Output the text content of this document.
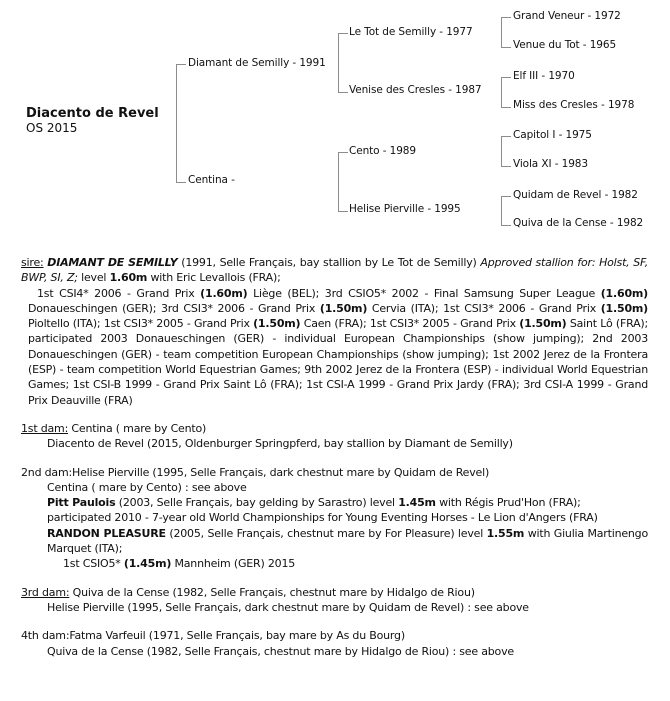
Diacento de Revel
OS 2015
Diamant de Semilly - 1991
Centina -
Le Tot de Semilly - 1977
Venise des Cresles - 1987
Cento - 1989
Helise Pierville - 1995
Grand Veneur - 1972
Venue du Tot - 1965
Elf III - 1970
Miss des Cresles - 1978
Capitol I - 1975
Viola XI - 1983
Quidam de Revel - 1982
Quiva de la Cense - 1982
sire: DIAMANT DE SEMILLY (1991, Selle Français, bay stallion by Le Tot de Semilly) Approved stallion for: Holst, SF, BWP, SI, Z; level 1.60m with Eric Levallois (FRA);
1st CSI4* 2006 - Grand Prix (1.60m) Liège (BEL); 3rd CSIO5* 2002 - Final Samsung Super League (1.60m) Donaueschingen (GER); 3rd CSI3* 2006 - Grand Prix (1.50m) Cervia (ITA); 1st CSI3* 2006 - Grand Prix (1.50m) Pioltello (ITA); 1st CSI3* 2005 - Grand Prix (1.50m) Caen (FRA); 1st CSI3* 2005 - Grand Prix (1.50m) Saint Lô (FRA); participated 2003 Donaueschingen (GER) - individual European Championships (show jumping); 2nd 2003 Donaueschingen (GER) - team competition European Championships (show jumping); 1st 2002 Jerez de la Frontera (ESP) - team competition World Equestrian Games; 9th 2002 Jerez de la Frontera (ESP) - individual World Equestrian Games; 1st CSI-B 1999 - Grand Prix Saint Lô (FRA); 1st CSI-A 1999 - Grand Prix Jardy (FRA); 3rd CSI-A 1999 - Grand Prix Deauville (FRA)
1st dam: Centina ( mare by Cento)
Diacento de Revel (2015, Oldenburger Springpferd, bay stallion by Diamant de Semilly)
2nd dam:Helise Pierville (1995, Selle Français, dark chestnut mare by Quidam de Revel)
Centina ( mare by Cento) : see above
Pitt Paulois (2003, Selle Français, bay gelding by Sarastro) level 1.45m with Régis Prud'Hon (FRA);
participated 2010 - 7-year old World Championships for Young Eventing Horses - Le Lion d'Angers (FRA)
RANDON PLEASURE (2005, Selle Français, chestnut mare by For Pleasure) level 1.55m with Giulia Martinengo Marquet (ITA);
1st CSIO5* (1.45m) Mannheim (GER) 2015
3rd dam: Quiva de la Cense (1982, Selle Français, chestnut mare by Hidalgo de Riou)
Helise Pierville (1995, Selle Français, dark chestnut mare by Quidam de Revel) : see above
4th dam:Fatma Varfeuil (1971, Selle Français, bay mare by As du Bourg)
Quiva de la Cense (1982, Selle Français, chestnut mare by Hidalgo de Riou) : see above
